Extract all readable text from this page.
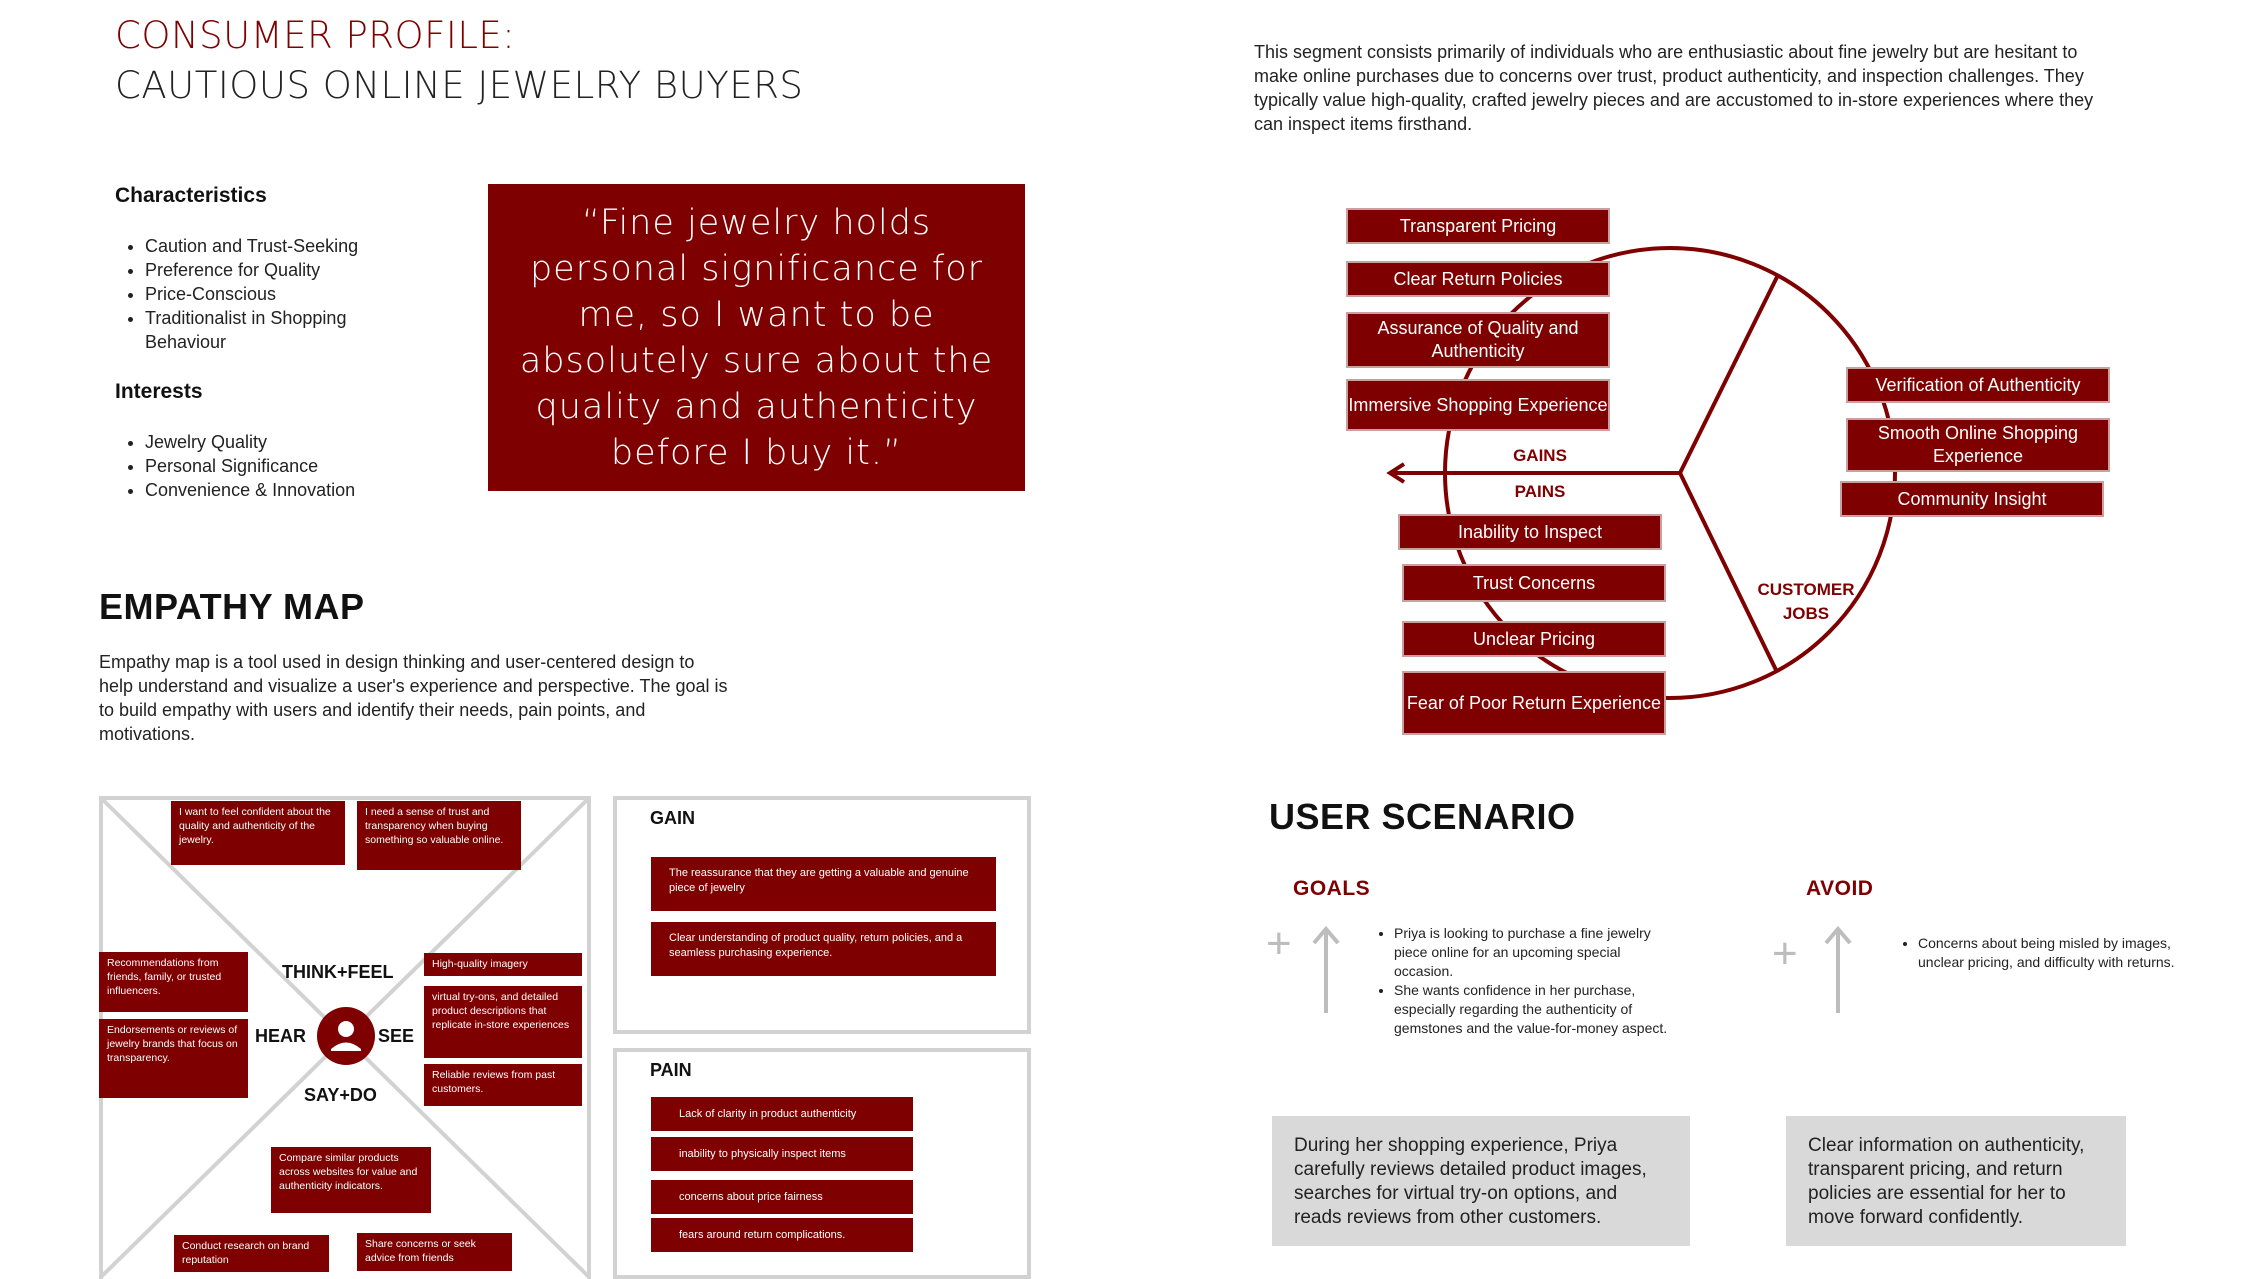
CONSUMER PROFILE:
CAUTIOUS ONLINE JEWELRY BUYERS
This segment consists primarily of individuals who are enthusiastic about fine jewelry but are hesitant to make online purchases due to concerns over trust, product authenticity, and inspection challenges. They typically value high-quality, crafted jewelry pieces and are accustomed to in-store experiences where they can inspect items firsthand.
Characteristics
• Caution and Trust-Seeking
• Preference for Quality
• Price-Conscious
• Traditionalist in Shopping Behaviour
Interests
• Jewelry Quality
• Personal Significance
• Convenience & Innovation
“Fine jewelry holds personal significance for me, so I want to be absolutely sure about the quality and authenticity before I buy it.”
Transparent Pricing
Clear Return Policies
Assurance of Quality and Authenticity
Immersive Shopping Experience
GAINS
PAINS
Inability to Inspect
Trust Concerns
Unclear Pricing
Fear of Poor Return Experience
Verification of Authenticity
Smooth Online Shopping Experience
Community Insight
CUSTOMER JOBS
EMPATHY MAP
Empathy map is a tool used in design thinking and user-centered design to help understand and visualize a user's experience and perspective. The goal is to build empathy with users and identify their needs, pain points, and motivations.
I want to feel confident about the quality and authenticity of the jewelry.
I need a sense of trust and transparency when buying something so valuable online.
Recommendations from friends, family, or trusted influencers.
Endorsements or reviews of jewelry brands that focus on transparency.
High-quality imagery
virtual try-ons, and detailed product descriptions that replicate in-store experiences
Reliable reviews from past customers.
Compare similar products across websites for value and authenticity indicators.
Conduct research on brand reputation
Share concerns or seek advice from friends
THINK+FEEL
HEAR	SEE
SAY+DO
GAIN
The reassurance that they are getting a valuable and genuine piece of jewelry
Clear understanding of product quality, return policies, and a seamless purchasing experience.
PAIN
Lack of clarity in product authenticity
inability to physically inspect items
concerns about price fairness
fears around return complications.
USER SCENARIO
GOALS
+	• Priya is looking to purchase a fine jewelry piece online for an upcoming special occasion.
• She wants confidence in her purchase, especially regarding the authenticity of gemstones and the value-for-money aspect.
AVOID
+	• Concerns about being misled by images, unclear pricing, and difficulty with returns.
During her shopping experience, Priya carefully reviews detailed product images, searches for virtual try-on options, and reads reviews from other customers.
Clear information on authenticity, transparent pricing, and return policies are essential for her to move forward confidently.
